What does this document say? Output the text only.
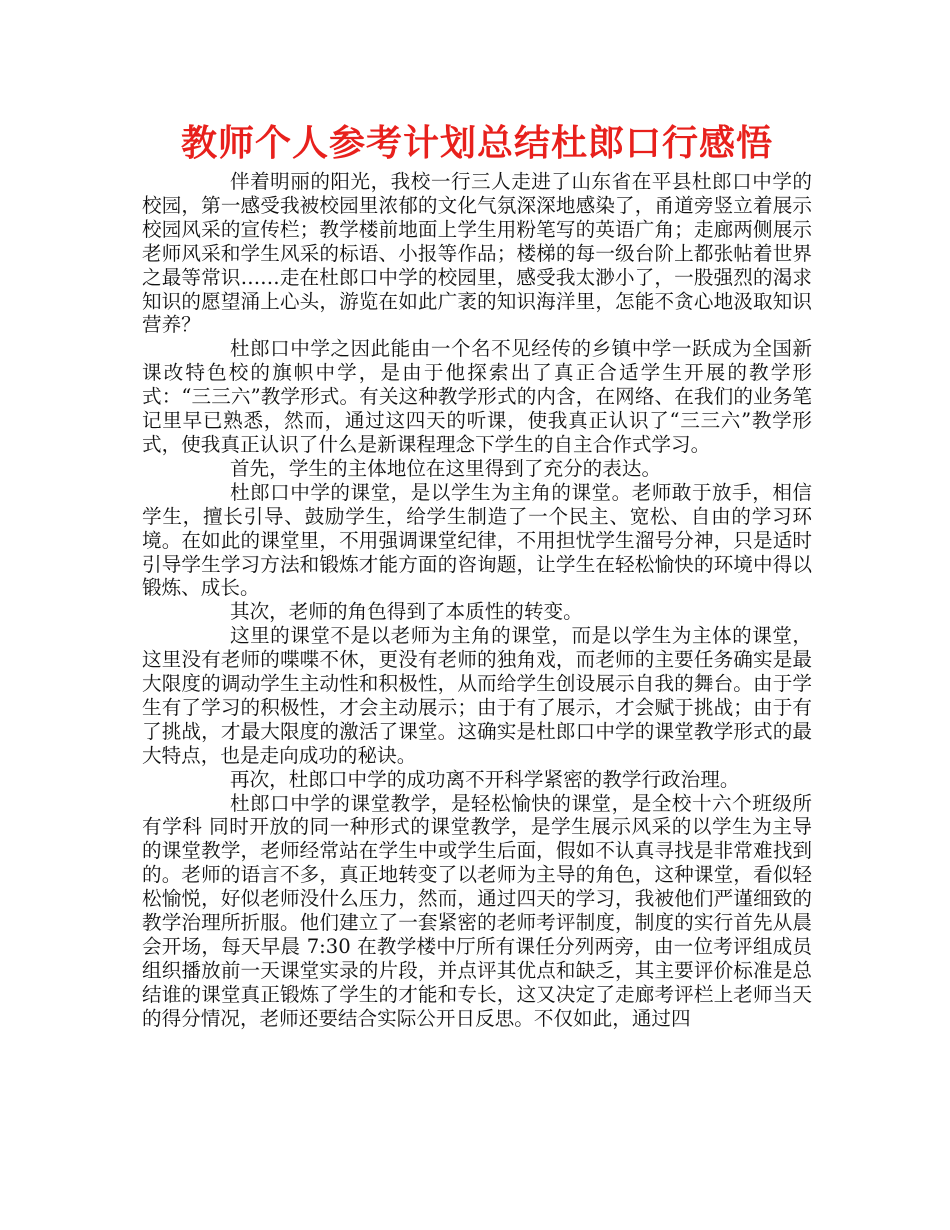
教师个人参考计划总结杜郎口行感悟

伴着明丽的阳光，我校一行三人走进了山东省在平县杜郎口中学的校园，第一感受我被校园里浓郁的文化气氛深深地感染了，甬道旁竖立着展示校园风采的宣传栏；教学楼前地面上学生用粉笔写的英语广角；走廊两侧展示老师风采和学生风采的标语、小报等作品；楼梯的每一级台阶上都张帖着世界之最等常识……走在杜郎口中学的校园里，感受我太渺小了，一股强烈的渴求知识的愿望涌上心头，游览在如此广袤的知识海洋里，怎能不贪心地汲取知识营养？

杜郎口中学之因此能由一个名不见经传的乡镇中学一跃成为全国新课改特色校的旗帜中学，是由于他探索出了真正合适学生开展的教学形式：“三三六”教学形式。有关这种教学形式的内含，在网络、在我们的业务笔记里早已熟悉，然而，通过这四天的听课，使我真正认识了“三三六”教学形式，使我真正认识了什么是新课程理念下学生的自主合作式学习。

首先，学生的主体地位在这里得到了充分的表达。

杜郎口中学的课堂，是以学生为主角的课堂。老师敢于放手，相信学生，擅长引导、鼓励学生，给学生制造了一个民主、宽松、自由的学习环境。在如此的课堂里，不用强调课堂纪律，不用担忧学生溜号分神，只是适时引导学生学习方法和锻炼才能方面的咨询题，让学生在轻松愉快的环境中得以锻炼、成长。

其次，老师的角色得到了本质性的转变。

这里的课堂不是以老师为主角的课堂，而是以学生为主体的课堂，这里没有老师的喋喋不休，更没有老师的独角戏，而老师的主要任务确实是最大限度的调动学生主动性和积极性，从而给学生创设展示自我的舞台。由于学生有了学习的积极性，才会主动展示；由于有了展示，才会赋于挑战；由于有了挑战，才最大限度的激活了课堂。这确实是杜郎口中学的课堂教学形式的最大特点，也是走向成功的秘诀。

再次，杜郎口中学的成功离不开科学紧密的教学行政治理。

杜郎口中学的课堂教学，是轻松愉快的课堂，是全校十六个班级所有学科 同时开放的同一种形式的课堂教学，是学生展示风采的以学生为主导的课堂教学，老师经常站在学生中或学生后面，假如不认真寻找是非常难找到的。老师的语言不多，真正地转变了以老师为主导的角色，这种课堂，看似轻松愉悦，好似老师没什么压力，然而，通过四天的学习，我被他们严谨细致的教学治理所折服。他们建立了一套紧密的老师考评制度，制度的实行首先从晨会开场，每天早晨 7:30 在教学楼中厅所有课任分列两旁，由一位考评组成员组织播放前一天课堂实录的片段，并点评其优点和缺乏，其主要评价标准是总结谁的课堂真正锻炼了学生的才能和专长，这又决定了走廊考评栏上老师当天的得分情况，老师还要结合实际公开日反思。不仅如此，通过四
